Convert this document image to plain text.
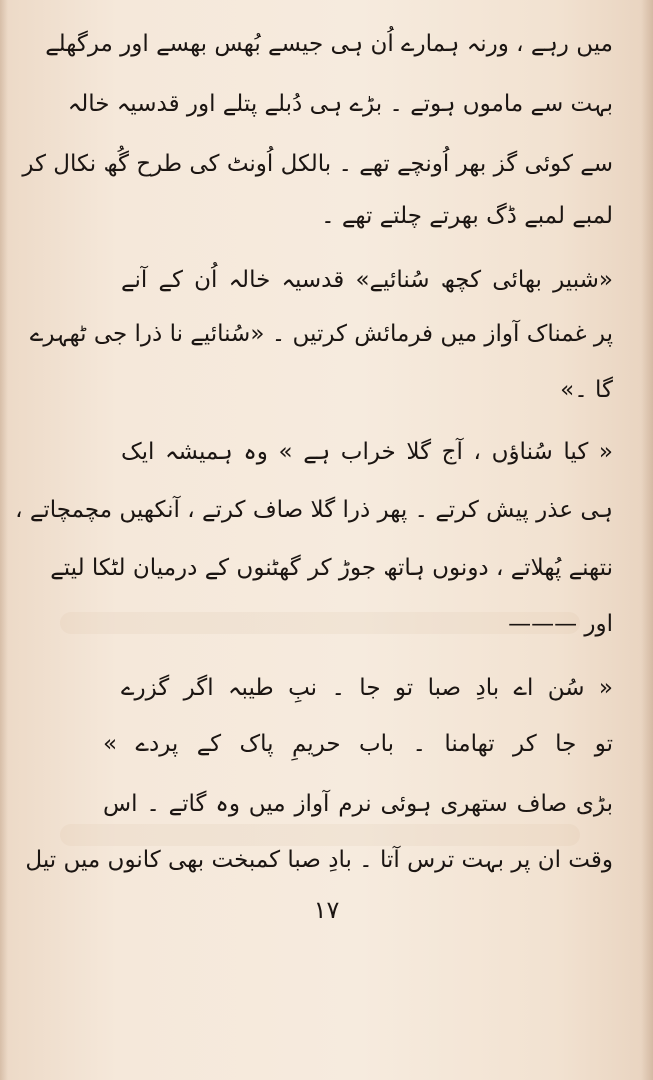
میں رہے ، ورنہ ہمارے اُن ہی جیسے بُھس بھسے اور مرگھلے
بہت سے ماموں ہوتے ۔ بڑے ہی دُبلے پتلے اور قدسیہ خالہ
سے کوئی گز بھر اُونچے تھے ۔ بالکل اُونٹ کی طرح گُھ نکال کر
لمبے لمبے ڈگ بھرتے چلتے تھے ۔
«شبیر بھائی کچھ سُنائیے» قدسیہ خالہ اُن کے آنے
پر غمناک آواز میں فرمائش کرتیں ۔ «سُنائیے نا ذرا جی ٹھہرے
گا ۔»
« کیا سُناؤں ، آج گلا خراب ہے » وہ ہمیشہ ایک
ہی عذر پیش کرتے ۔ پھر ذرا گلا صاف کرتے ، آنکھیں مچمچاتے ،
نتھنے پُھلاتے ، دونوں ہاتھ جوڑ کر گھٹنوں کے درمیان لٹکا لیتے
اور ———
« سُن اے بادِ صبا تو جا ۔ نبِ طیبہ اگر گزرے
تو جا کر تھامنا ۔ باب حریمِ پاک کے پردے »
بڑی صاف ستھری ہوئی نرم آواز میں وہ گاتے ۔ اس
وقت ان پر بہت ترس آتا ۔ بادِ صبا کمبخت بھی کانوں میں تیل
۱۷
